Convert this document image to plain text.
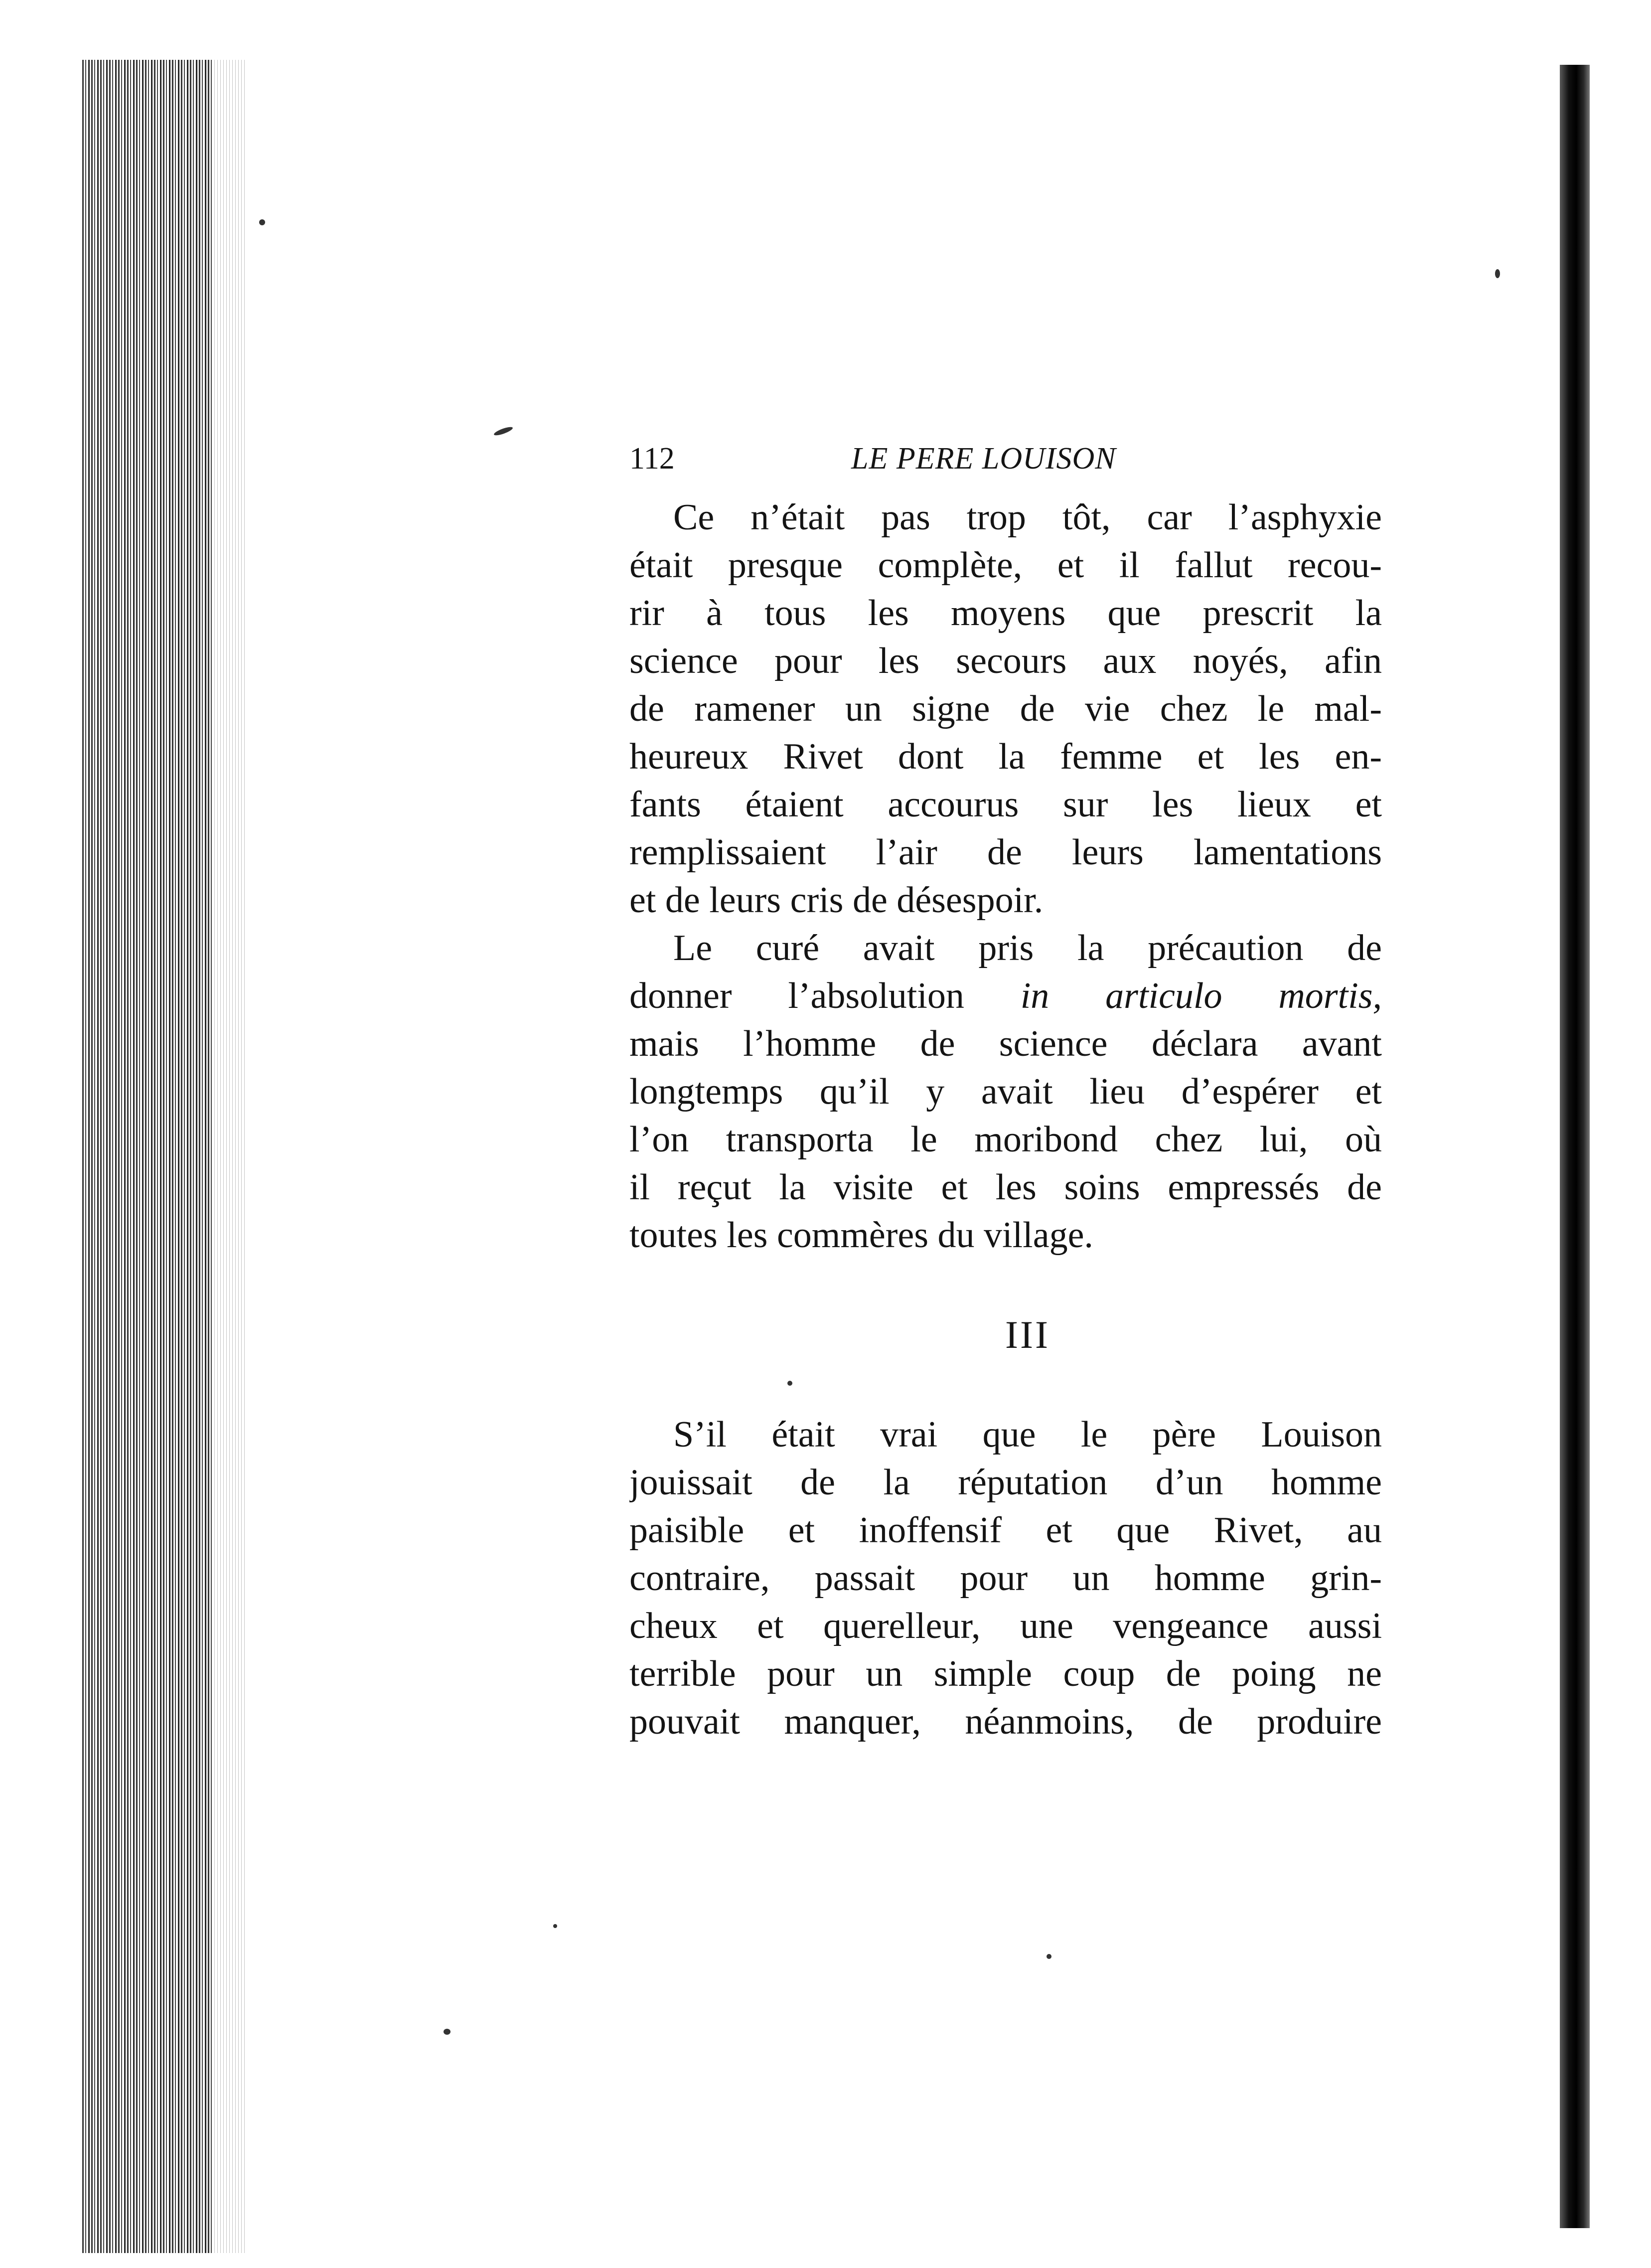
112	LE PERE LOUISON
Ce n’était pas trop tôt, car l’asphyxie
était presque complète, et il fallut recou-
rir à tous les moyens que prescrit la
science pour les secours aux noyés, afin
de ramener un signe de vie chez le mal-
heureux Rivet dont la femme et les en-
fants étaient accourus sur les lieux et
remplissaient l’air de leurs lamentations
et de leurs cris de désespoir.
Le curé avait pris la précaution de
donner l’absolution in articulo mortis,
mais l’homme de science déclara avant
longtemps qu’il y avait lieu d’espérer et
l’on transporta le moribond chez lui, où
il reçut la visite et les soins empressés de
toutes les commères du village.
III
S’il était vrai que le père Louison
jouissait de la réputation d’un homme
paisible et inoffensif et que Rivet, au
contraire, passait pour un homme grin-
cheux et querelleur, une vengeance aussi
terrible pour un simple coup de poing ne
pouvait manquer, néanmoins, de produire
